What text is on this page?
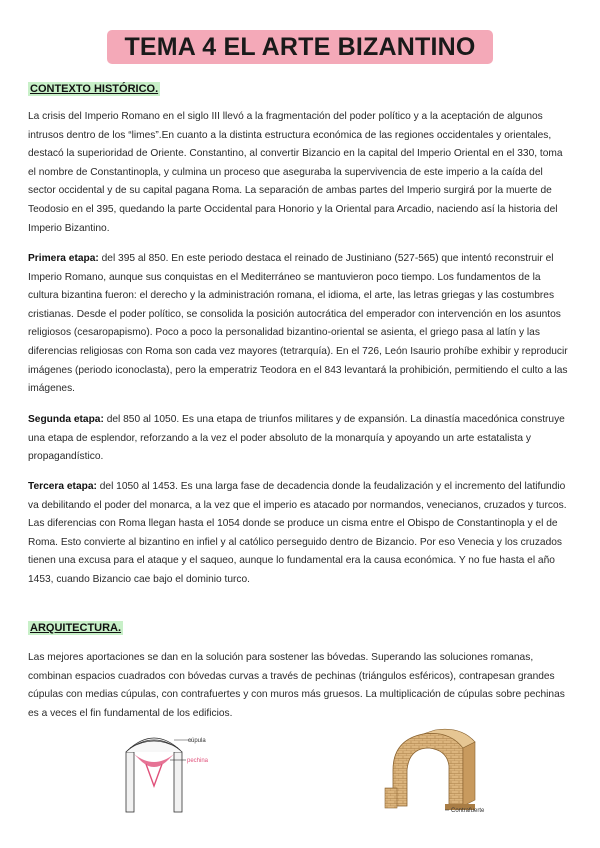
TEMA 4 EL ARTE BIZANTINO
CONTEXTO HISTÓRICO.
La crisis del Imperio Romano en el siglo III llevó a la fragmentación del poder político y a la aceptación de algunos intrusos dentro de los “limes”.En cuanto a la distinta estructura económica de las regiones occidentales y orientales, destacó la superioridad de Oriente. Constantino, al convertir Bizancio en la capital del Imperio Oriental en el 330, toma el nombre de Constantinopla, y culmina un proceso que aseguraba la supervivencia de este imperio a la caída del sector occidental y de su capital pagana Roma. La separación de ambas partes del Imperio surgirá por la muerte de Teodosio en el 395, quedando la parte Occidental para Honorio y la Oriental para Arcadio, naciendo así la historia del Imperio Bizantino.
Primera etapa: del 395 al 850. En este periodo destaca el reinado de Justiniano (527-565) que intentó reconstruir el Imperio Romano, aunque sus conquistas en el Mediterráneo se mantuvieron poco tiempo. Los fundamentos de la cultura bizantina fueron: el derecho y la administración romana, el idioma, el arte, las letras griegas y las costumbres cristianas. Desde el poder político, se consolida la posición autocrática del emperador con intervención en los asuntos religiosos (cesaropapismo). Poco a poco la personalidad bizantino-oriental se asienta, el griego pasa al latín y las diferencias religiosas con Roma son cada vez mayores (tetrarquía). En el 726, León Isaurio prohíbe exhibir y reproducir imágenes (periodo iconoclasta), pero la emperatriz Teodora en el 843 levantará la prohibición, permitiendo el culto a las imágenes.
Segunda etapa: del 850 al 1050. Es una etapa de triunfos militares y de expansión. La dinastía macedónica construye una etapa de esplendor, reforzando a la vez el poder absoluto de la monarquía y apoyando un arte estatalista y propagandístico.
Tercera etapa: del 1050 al 1453. Es una larga fase de decadencia donde la feudalización y el incremento del latifundio va debilitando el poder del monarca, a la vez que el imperio es atacado por normandos, venecianos, cruzados y turcos. Las diferencias con Roma llegan hasta el 1054 donde se produce un cisma entre el Obispo de Constantinopla y el de Roma. Esto convierte al bizantino en infiel y al católico perseguido dentro de Bizancio. Por eso Venecia y los cruzados tienen una excusa para el ataque y el saqueo, aunque lo fundamental era la causa económica. Y no fue hasta el año 1453, cuando Bizancio cae bajo el dominio turco.
ARQUITECTURA.
Las mejores aportaciones se dan en la solución para sostener las bóvedas. Superando las soluciones romanas, combinan espacios cuadrados con bóvedas curvas a través de pechinas (triángulos esféricos), contrapesan grandes cúpulas con medias cúpulas, con contrafuertes y con muros más gruesos. La multiplicación de cúpulas sobre pechinas es a veces el fin fundamental de los edificios.
cúpula
pechina
Contrafuerte
